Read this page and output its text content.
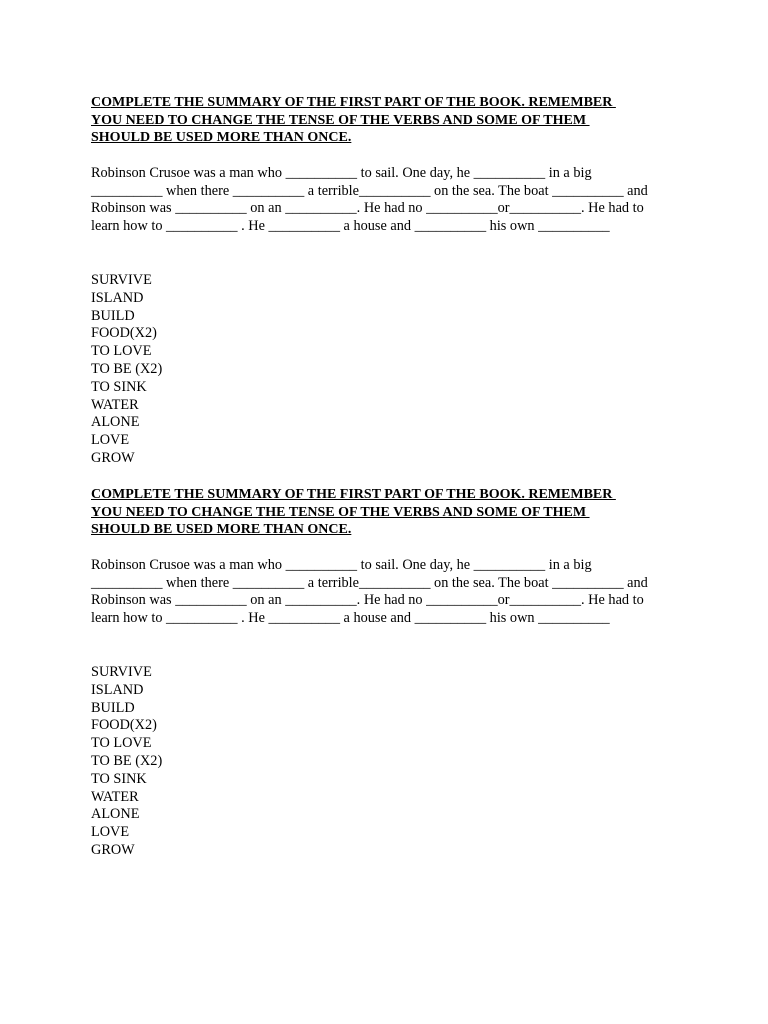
COMPLETE THE SUMMARY OF THE FIRST PART OF THE BOOK. REMEMBER
YOU NEED TO CHANGE THE TENSE OF THE VERBS AND SOME OF THEM
SHOULD BE USED MORE THAN ONCE.

Robinson Crusoe was a man who __________ to sail. One day, he __________ in a big
__________ when there __________ a terrible__________ on the sea. The boat __________ and
Robinson was __________ on an __________. He had no __________or__________. He had to
learn how to __________ . He __________ a house and __________ his own __________

SURVIVE
ISLAND
BUILD
FOOD(X2)
TO LOVE
TO BE (X2)
TO SINK
WATER
ALONE
LOVE
GROW

COMPLETE THE SUMMARY OF THE FIRST PART OF THE BOOK. REMEMBER
YOU NEED TO CHANGE THE TENSE OF THE VERBS AND SOME OF THEM
SHOULD BE USED MORE THAN ONCE.

Robinson Crusoe was a man who __________ to sail. One day, he __________ in a big
__________ when there __________ a terrible__________ on the sea. The boat __________ and
Robinson was __________ on an __________. He had no __________or__________. He had to
learn how to __________ . He __________ a house and __________ his own __________

SURVIVE
ISLAND
BUILD
FOOD(X2)
TO LOVE
TO BE (X2)
TO SINK
WATER
ALONE
LOVE
GROW
